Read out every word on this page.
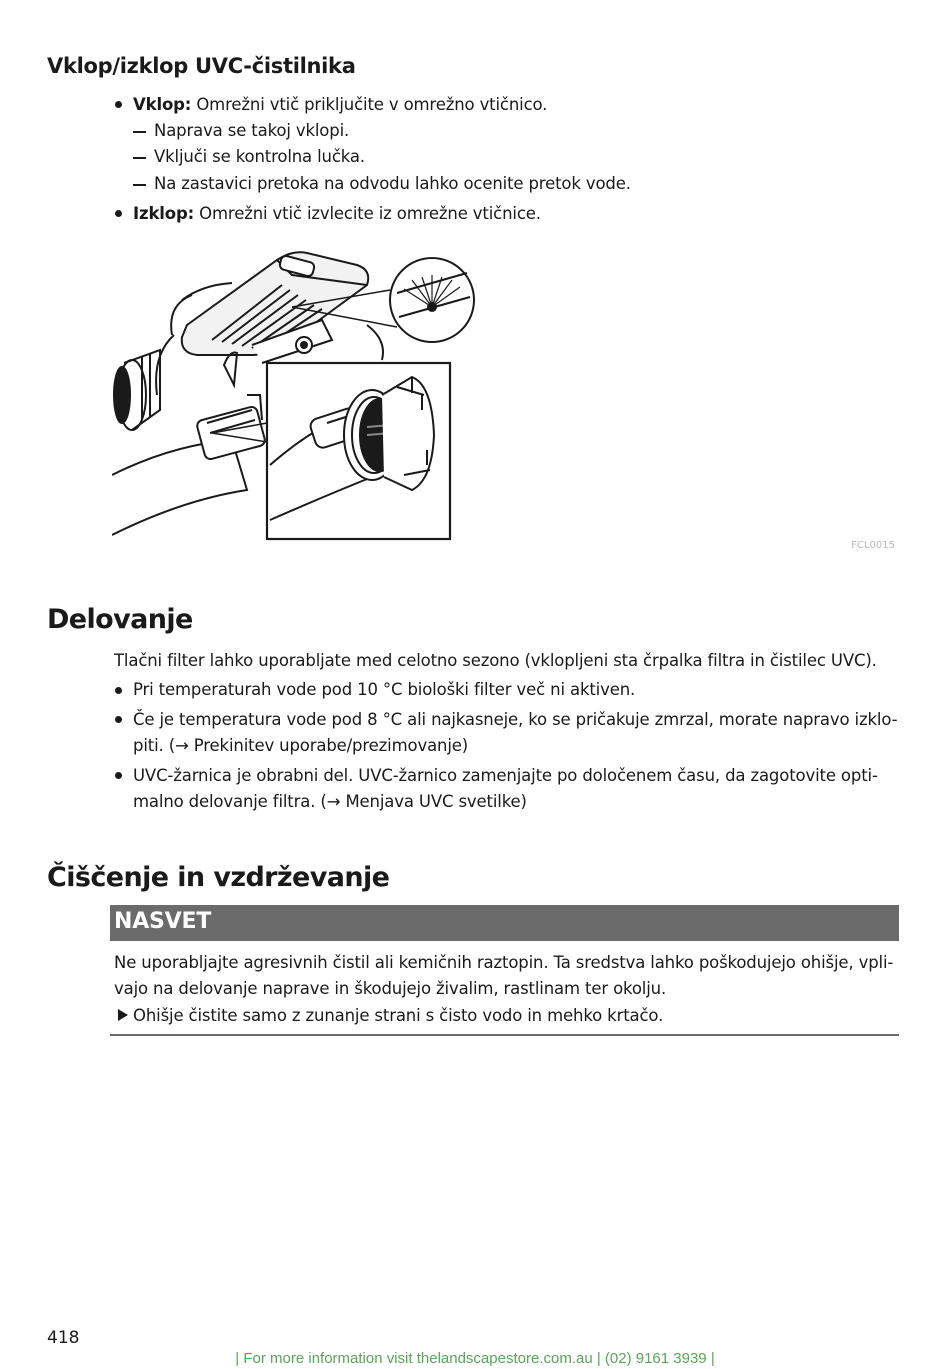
Vklop/izklop UVC-čistilnika
Vklop: Omrežni vtič priključite v omrežno vtičnico.
Naprava se takoj vklopi.
Vključi se kontrolna lučka.
Na zastavici pretoka na odvodu lahko ocenite pretok vode.
Izklop: Omrežni vtič izvlecite iz omrežne vtičnice.
FCL0015
Delovanje
Tlačni filter lahko uporabljate med celotno sezono (vklopljeni sta črpalka filtra in čistilec UVC).
Pri temperaturah vode pod 10 °C biološki filter več ni aktiven.
Če je temperatura vode pod 8 °C ali najkasneje, ko se pričakuje zmrzal, morate napravo izklo-
piti. (→ Prekinitev uporabe/prezimovanje)
UVC-žarnica je obrabni del. UVC-žarnico zamenjajte po določenem času, da zagotovite opti-
malno delovanje filtra. (→ Menjava UVC svetilke)
Čiščenje in vzdrževanje
NASVET
Ne uporabljajte agresivnih čistil ali kemičnih raztopin. Ta sredstva lahko poškodujejo ohišje, vpli-
vajo na delovanje naprave in škodujejo živalim, rastlinam ter okolju.
Ohišje čistite samo z zunanje strani s čisto vodo in mehko krtačo.
418
| For more information visit thelandscapestore.com.au | (02) 9161 3939 |
